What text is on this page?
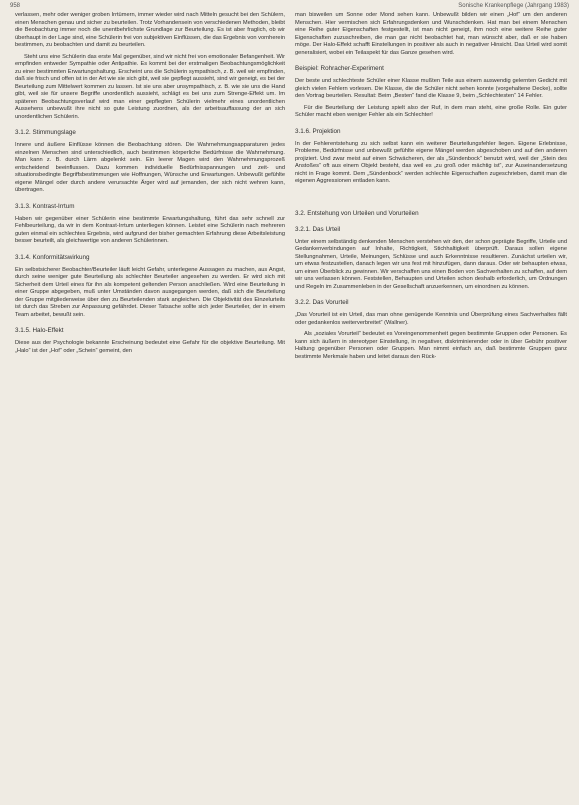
958	Sonische Krankenpflege (Jahrgang 1983)

verlassen, mehr oder weniger groben Irrtümern, immer wieder wird nach Mitteln gesucht bei den Schülern, einen Menschen genau und sicher zu beurteilen. Trotz Vorhandensein von verschiedenen Methoden, bleibt die Beobachtung immer noch die unentbehrlichste Grundlage zur Beurteilung. Es ist aber fraglich, ob wir überhaupt in der Lage sind, eine Schülerin frei von subjektiven Einflüssen, die das Ergebnis von vornherein bestimmen, zu beobachten und damit zu beurteilen.

Steht uns eine Schülerin das erste Mal gegenüber, sind wir nicht frei von emotionaler Befangenheit. Wir empfinden entweder Sympathie oder Antipathie. Es kommt bei der erstmaligen Beobachtungsmöglichkeit zu einer bestimmten Erwartungshaltung. Erscheint uns die Schülerin sympathisch, z. B. weil wir empfinden, daß sie frisch und offen ist in der Art wie sie sich gibt, weil sie gepflegt aussieht, sind wir geneigt, es bei der Beurteilung zum Mittelwert kommen zu lassen. Ist sie uns aber unsympathisch, z. B. wie sie uns die Hand gibt, weil sie für unsere Begriffe unordentlich aussieht, schlägt es bei uns zum Strenge-Effekt um. Im späteren Beobachtungsverlauf wird man einer gepflegten Schülerin vielmehr eines unordentlichen Aussehens unbewußt ihre nicht so gute Leistung zuordnen, als der arbeitsauffassung der an sich unordentlichen Schülerin.

3.1.2. Stimmungslage

Innere und äußere Einflüsse können die Beobachtung stören. Die Wahrnehmungsapparaturen jedes einzelnen Menschen sind unterschiedlich, auch bestimmen körperliche Bedürfnisse die Wahrnehmung. Man kann z. B. durch Lärm abgelenkt sein. Ein leerer Magen wird den Wahrnehmungsprozeß entscheidend beeinflussen. Dazu kommen individuelle Bedürfnisspannungen und zeit- und situationsbedingte Begriffsbestimmungen wie Hoffnungen, Wünsche und Erwartungen. Unbewußt gefühlte eigene Mängel oder durch andere verursachte Ärger wird auf jemanden, der sich nicht wehren kann, übertragen.

3.1.3. Kontrast-Irrtum

Haben wir gegenüber einer Schülerin eine bestimmte Erwartungshaltung, führt das sehr schnell zur Fehlbeurteilung, da wir in dem Kontrast-Irrtum unterliegen können. Leistet eine Schülerin nach mehreren guten einmal ein schlechtes Ergebnis, wird aufgrund der bisher gemachten Erfahrung diese Arbeitsleistung besser beurteilt, als gleichwertige von anderen Schülerinnen.

3.1.4. Konformitätswirkung

Ein selbstsicherer Beobachter/Beurteiler läuft leicht Gefahr, unterlegene Aussagen zu machen, aus Angst, durch seine weniger gute Beurteilung als schlechter Beurteiler angesehen zu werden. Er wird sich mit Sicherheit dem Urteil eines für ihn als kompetent geltenden Person anschließen. Wird eine Beurteilung in einer Gruppe abgegeben, muß unter Umständen davon ausgegangen werden, daß sich die Beurteilung der Gruppe mitgliederweise über den zu Beurteilenden stark angleichen. Die Objektivität des Einzelurteils ist durch das Streben zur Anpassung gefährdet. Dieser Tatsache sollte sich jeder Beurteiler, der in einem Team arbeitet, bewußt sein.

3.1.5. Halo-Effekt

Diese aus der Psychologie bekannte Erscheinung bedeutet eine Gefahr für die objektive Beurteilung. Mit „Halo“ ist der „Hof“ oder „Schein“ gemeint, den

man bisweilen um Sonne oder Mond sehen kann. Unbewußt bilden wir einen „Hof“ um den anderen Menschen. Hier vermischen sich Erfahrungsdenken und Wunschdenken. Hat man bei einem Menschen eine Reihe guter Eigenschaften festgestellt, ist man nicht geneigt, ihm noch eine weitere Reihe guter Eigenschaften zuzuschreiben, die man gar nicht beobachtet hat, man wünscht aber, daß er sie haben möge. Der Halo-Effekt schafft Einstellungen in positiver als auch in negativer Hinsicht. Das Urteil wird somit generalisiert, wobei ein Teilaspekt für das Ganze gesehen wird.

Beispiel: Rohracher-Experiment

Der beste und schlechteste Schüler einer Klasse mußten Teile aus einem auswendig gelernten Gedicht mit gleich vielen Fehlern vorlesen. Die Klasse, die die Schüler nicht sehen konnte (vorgehaltene Decke), sollte den Vortrag beurteilen. Resultat: Beim „Besten“ fand die Klasse 9, beim „Schlechtesten“ 14 Fehler.

Für die Beurteilung der Leistung spielt also der Ruf, in dem man steht, eine große Rolle. Ein guter Schüler macht eben weniger Fehler als ein Schlechter!

3.1.6. Projektion

In der Fehlerentstehung zu sich selbst kann ein weiterer Beurteilungsfehler liegen. Eigene Erlebnisse, Probleme, Bedürfnisse und unbewußt gefühlte eigene Mängel werden abgeschoben und auf den anderen projiziert. Und zwar meist auf einen Schwächeren, der als „Sündenbock“ benutzt wird, weil der „Stein des Anstoßes“ oft aus einem Objekt besteht, das weil es „zu groß oder mächtig ist“, zur Auseinandersetzung nicht in Frage kommt. Dem „Sündenbock“ werden schlechte Eigenschaften zugeschrieben, damit man die eigenen Aggressionen entladen kann.

3.2. Entstehung von Urteilen und Vorurteilen
3.2.1. Das Urteil

Unter einem selbständig denkenden Menschen verstehen wir den, der schon geprägte Begriffe, Urteile und Gedankenverbindungen auf Inhalte, Richtigkeit, Stichhaltigkeit überprüft. Daraus sollen eigene Stellungnahmen, Urteile, Meinungen, Schlüsse und auch Erkenntnisse resultieren. Zunächst urteilen wir, um etwas festzustellen, danach legen wir uns fest mit hinzufügen, dann daraus. Oder wir behaupten etwas, um einen Überblick zu gewinnen. Wir verschaffen uns einen Boden von Sachverhalten zu schaffen, auf dem wir uns verlassen können. Feststellen, Behaupten und Urteilen schon deshalb erforderlich, um Ordnungen und Regeln im Zusammenleben in der Gesellschaft anzuerkennen, um einordnen zu können.

3.2.2. Das Vorurteil

„Das Vorurteil ist ein Urteil, das man ohne genügende Kenntnis und Überprüfung eines Sachverhaltes fällt oder gedankenlos weiterverbreitet“ (Wallner).

Als „soziales Vorurteil“ bedeutet es Voreingenommenheit gegen bestimmte Gruppen oder Personen. Es kann sich äußern in stereotyper Einstellung, in negativer, diskriminierender oder in über Gebühr positiver Haltung gegenüber Personen oder Gruppen. Man nimmt einfach an, daß bestimmte Gruppen ganz bestimmte Merkmale haben und leitet daraus den Rück-
